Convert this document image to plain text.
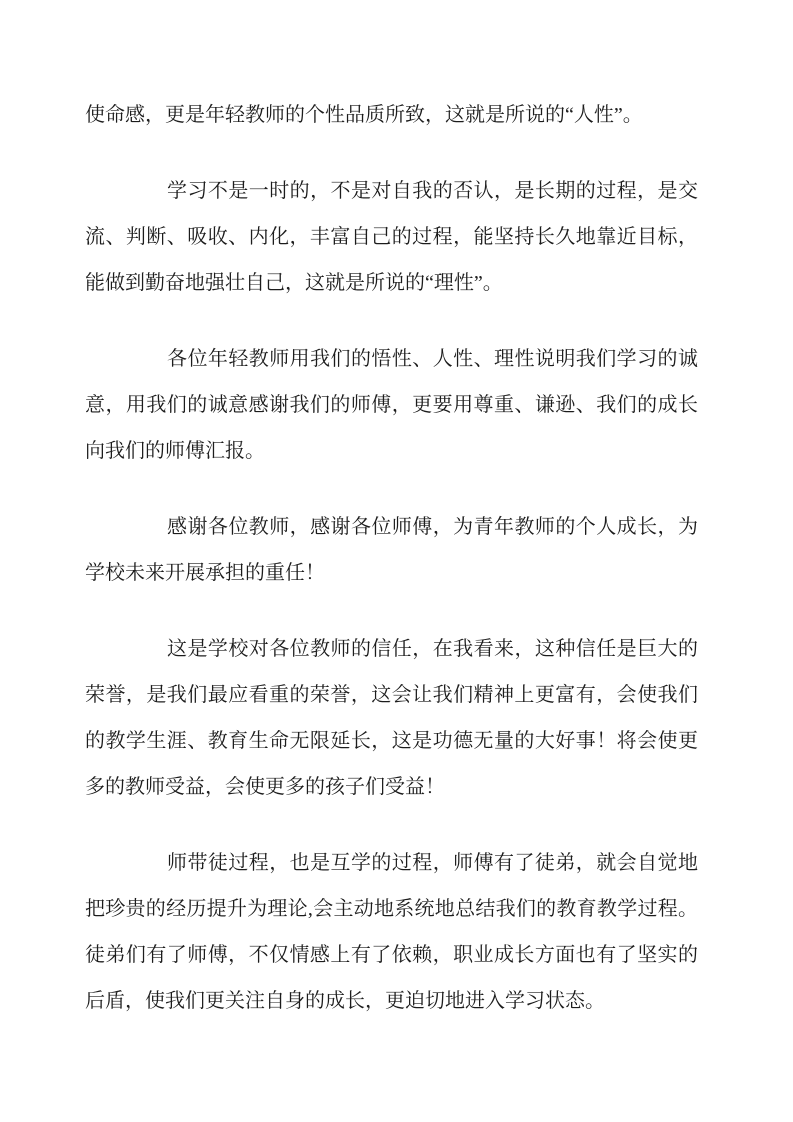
使命感，更是年轻教师的个性品质所致，这就是所说的“人性”。

学习不是一时的，不是对自我的否认，是长期的过程，是交流、判断、吸收、内化，丰富自己的过程，能坚持长久地靠近目标，能做到勤奋地强壮自己，这就是所说的“理性”。

各位年轻教师用我们的悟性、人性、理性说明我们学习的诚意，用我们的诚意感谢我们的师傅，更要用尊重、谦逊、我们的成长向我们的师傅汇报。

感谢各位教师，感谢各位师傅，为青年教师的个人成长，为学校未来开展承担的重任！

这是学校对各位教师的信任，在我看来，这种信任是巨大的荣誉，是我们最应看重的荣誉，这会让我们精神上更富有，会使我们的教学生涯、教育生命无限延长，这是功德无量的大好事！将会使更多的教师受益，会使更多的孩子们受益！

师带徒过程，也是互学的过程，师傅有了徒弟，就会自觉地把珍贵的经历提升为理论,会主动地系统地总结我们的教育教学过程。徒弟们有了师傅，不仅情感上有了依赖，职业成长方面也有了坚实的后盾，使我们更关注自身的成长，更迫切地进入学习状态。
